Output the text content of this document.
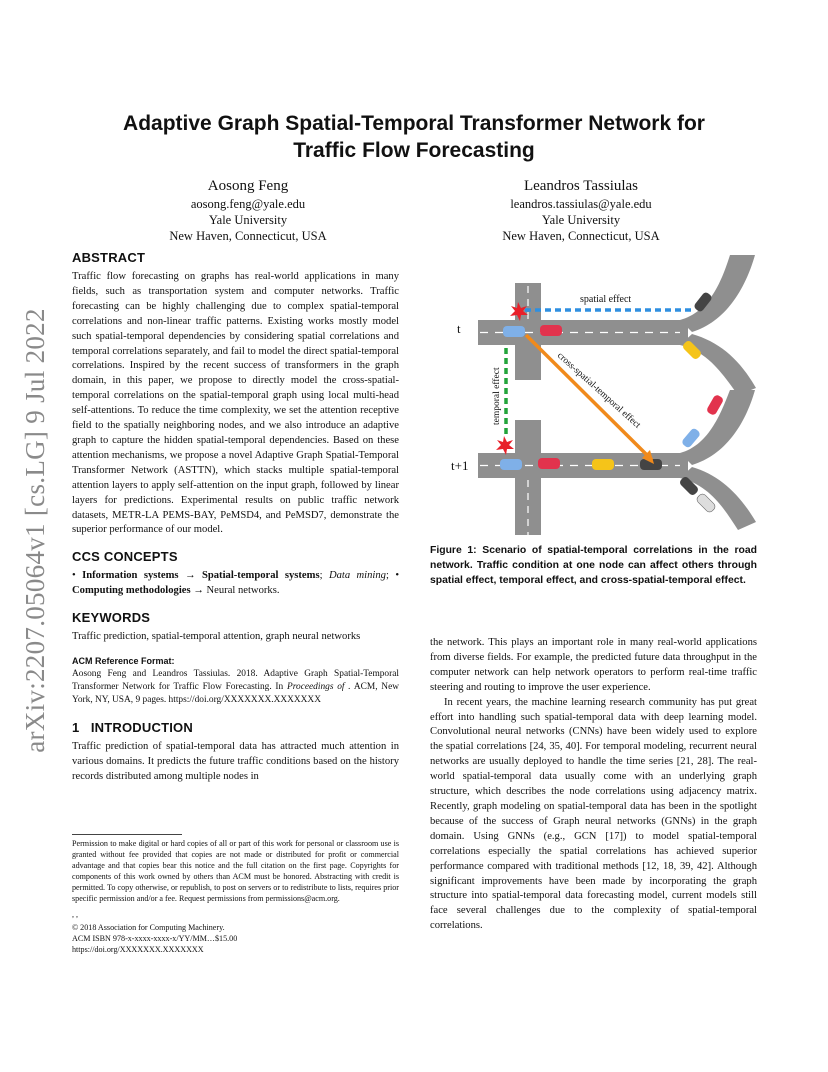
arXiv:2207.05064v1 [cs.LG] 9 Jul 2022
Adaptive Graph Spatial-Temporal Transformer Network for
Traffic Flow Forecasting
Aosong Feng
aosong.feng@yale.edu
Yale University
New Haven, Connecticut, USA
Leandros Tassiulas
leandros.tassiulas@yale.edu
Yale University
New Haven, Connecticut, USA
ABSTRACT

Traffic flow forecasting on graphs has real-world applications in many fields, such as transportation system and computer networks. Traffic forecasting can be highly challenging due to complex spatial-temporal correlations and non-linear traffic patterns. Existing works mostly model such spatial-temporal dependencies by considering spatial correlations and temporal correlations separately, and fail to model the direct spatial-temporal correlations. Inspired by the recent success of transformers in the graph domain, in this paper, we propose to directly model the cross-spatial-temporal correlations on the spatial-temporal graph using local multi-head self-attentions. To reduce the time complexity, we set the attention receptive field to the spatially neighboring nodes, and we also introduce an adaptive graph to capture the hidden spatial-temporal dependencies. Based on these attention mechanisms, we propose a novel Adaptive Graph Spatial-Temporal Transformer Network (ASTTN), which stacks multiple spatial-temporal attention layers to apply self-attention on the input graph, followed by linear layers for predictions. Experimental results on public traffic network datasets, METR-LA PEMS-BAY, PeMSD4, and PeMSD7, demonstrate the superior performance of our model.

CCS CONCEPTS

• Information systems → Spatial-temporal systems; Data mining; • Computing methodologies → Neural networks.

KEYWORDS

Traffic prediction, spatial-temporal attention, graph neural networks

ACM Reference Format:

Aosong Feng and Leandros Tassiulas. 2018. Adaptive Graph Spatial-Temporal Transformer Network for Traffic Flow Forecasting. In Proceedings of . ACM, New York, NY, USA, 9 pages. https://doi.org/XXXXXXX.XXXXXXX

1   INTRODUCTION

Traffic prediction of spatial-temporal data has attracted much attention in various domains. It predicts the future traffic conditions based on the history records distributed among multiple nodes in

Permission to make digital or hard copies of all or part of this work for personal or classroom use is granted without fee provided that copies are not made or distributed for profit or commercial advantage and that copies bear this notice and the full citation on the first page. Copyrights for components of this work owned by others than ACM must be honored. Abstracting with credit is permitted. To copy otherwise, or republish, to post on servers or to redistribute to lists, requires prior specific permission and/or a fee. Request permissions from permissions@acm.org.

, ,

© 2018 Association for Computing Machinery.
ACM ISBN 978-x-xxxx-xxxx-x/YY/MM…$15.00
https://doi.org/XXXXXXX.XXXXXXX
spatial effect
temporal effect	cross-spatial-temporal effect
t
t+1
Figure 1: Scenario of spatial-temporal correlations in the road network. Traffic condition at one node can affect others through spatial effect, temporal effect, and cross-spatial-temporal effect.

the network. This plays an important role in many real-world applications from diverse fields. For example, the predicted future data throughput in the computer network can help network operators to perform real-time traffic steering and routing to improve the user experience.

In recent years, the machine learning research community has put great effort into handling such spatial-temporal data with deep learning model. Convolutional neural networks (CNNs) have been widely used to explore the spatial correlations [24, 35, 40]. For temporal modeling, recurrent neural networks are usually deployed to handle the time series [21, 28]. The real-world spatial-temporal data usually come with an underlying graph structure, which describes the node correlations using adjacency matrix. Recently, graph modeling on spatial-temporal data has been in the spotlight because of the success of Graph neural networks (GNNs) in the graph domain. Using GNNs (e.g., GCN [17]) to model spatial-temporal correlations especially the spatial correlations has achieved superior performance compared with traditional methods [12, 18, 39, 42]. Although significant improvements have been made by incorporating the graph structure into spatial-temporal data forecasting model, current models still face several challenges due to the complexity of spatial-temporal correlations.
